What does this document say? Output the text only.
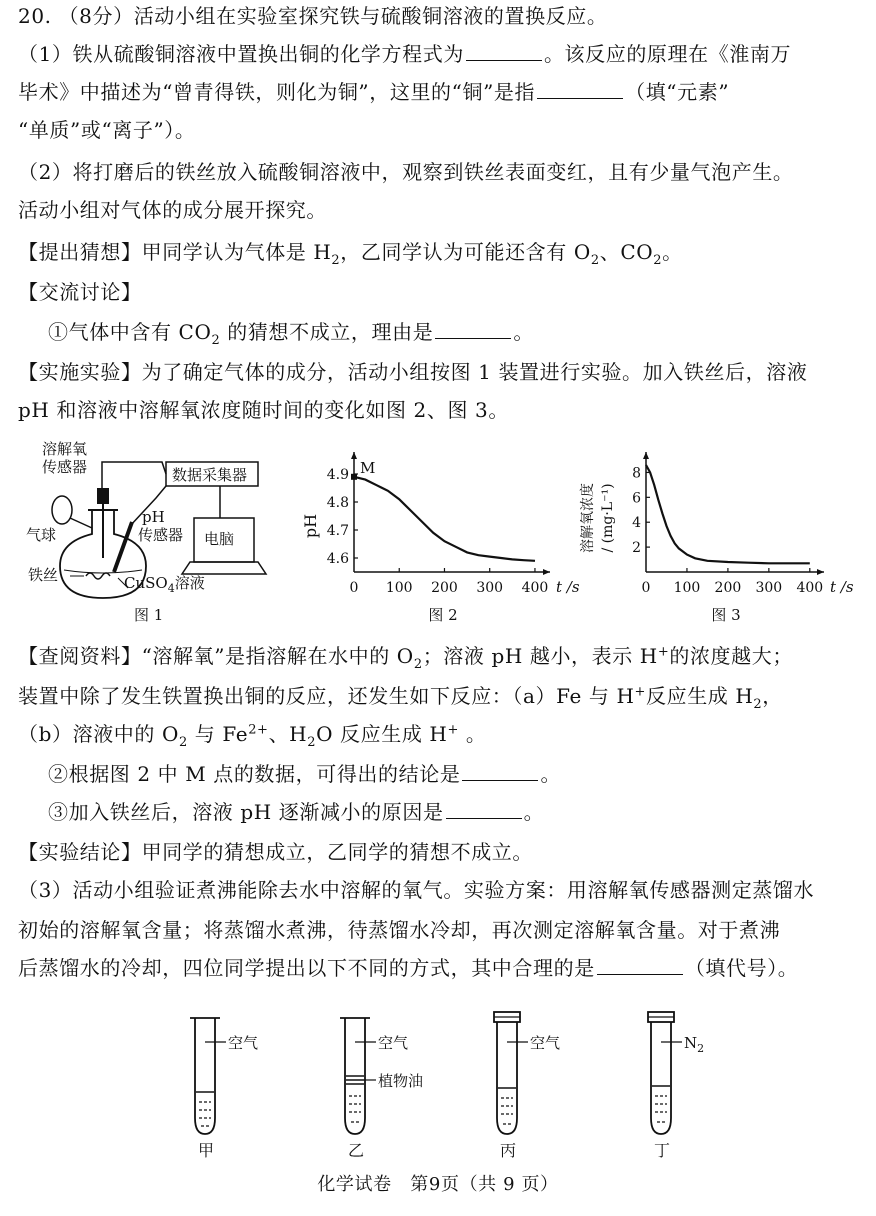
20. （8分）活动小组在实验室探究铁与硫酸铜溶液的置换反应。
（1）铁从硫酸铜溶液中置换出铜的化学方程式为	。该反应的原理在《淮南万
毕术》中描述为“曾青得铁，则化为铜”，这里的“铜”是指	（填“元素”
“单质”或“离子”）。
（2）将打磨后的铁丝放入硫酸铜溶液中，观察到铁丝表面变红，且有少量气泡产生。
活动小组对气体的成分展开探究。
【提出猜想】甲同学认为气体是 $H_2$，乙同学认为可能还含有 $O_2$、$CO_2$。
【交流讨论】
①气体中含有 $CO_2$ 的猜想不成立，理由是	。
【实施实验】为了确定气体的成分，活动小组按图 1 装置进行实验。加入铁丝后，溶液
pH 和溶液中溶解氧浓度随时间的变化如图 2、图 3。
溶解氧
传感器	数据采集器
气球
pH
传感器 电脑
铁丝	CuSO$_4$溶液
图 1
0 100 200 300 400
4.6
4.7
4.8
4.9
t /s
M
图 2
pH
0 100 200 300 400
2
4
6
8
t /s
图 3
溶解氧浓度 / (mg·L⁻¹)
【查阅资料】“溶解氧”是指溶解在水中的 $O_2$；溶液 pH 越小，表示 H+的浓度越大；
装置中除了发生铁置换出铜的反应，还发生如下反应：（a）Fe 与 H+反应生成 $H_2$，
（b）溶液中的 $O_2$ 与 $Fe^{2+}$、$H_2O$ 反应生成 H+ 。
②根据图 2 中 M 点的数据，可得出的结论是	。
③加入铁丝后，溶液 pH 逐渐减小的原因是	。
【实验结论】甲同学的猜想成立，乙同学的猜想不成立。
（3）活动小组验证煮沸能除去水中溶解的氧气。实验方案：用溶解氧传感器测定蒸馏水
初始的溶解氧含量；将蒸馏水煮沸，待蒸馏水冷却，再次测定溶解氧含量。对于煮沸
后蒸馏水的冷却，四位同学提出以下不同的方式，其中合理的是	（填代号）。
空气
甲
空气
植物油
乙
空气
丙
$N_2$
丁
化学试卷　第9页（共 9 页）
